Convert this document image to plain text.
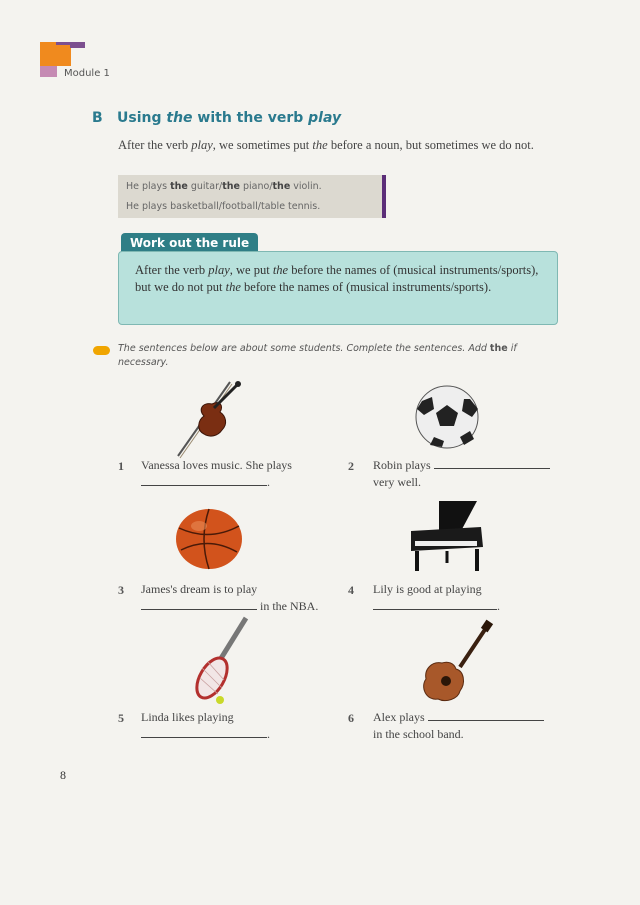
Module 1
B Using the with the verb play
After the verb play, we sometimes put the before a noun, but sometimes we do not.
He plays the guitar/the piano/the violin.
He plays basketball/football/table tennis.
Work out the rule
After the verb play, we put the before the names of (musical instruments/sports), but we do not put the before the names of (musical instruments/sports).
The sentences below are about some students. Complete the sentences. Add the if necessary.
1 Vanessa loves music. She plays
.
2 Robin plays
very well.
3 James's dream is to play
in the NBA.
4 Lily is good at playing
.
5 Linda likes playing
.
6 Alex plays
in the school band.
8
